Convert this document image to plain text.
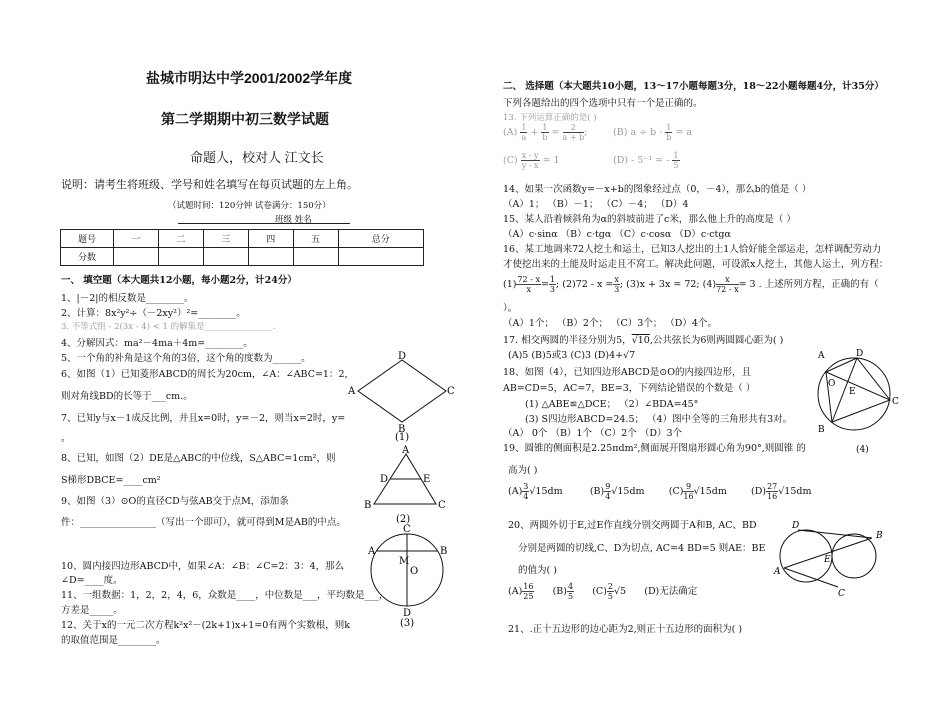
盐城市明达中学2001/2002学年度
第二学期期中初三数学试题
命题人，校对人 江文长
说明：请考生将班级、学号和姓名填写在每页试题的左上角。
（试题时间：120分钟 试卷满分：150分）
班级 姓名
题号	一	二	三	四	五	总分
分数						
一、 填空题（本大题共12小题，每小题2分，计24分）
1、|－2|的相反数是________。
2、计算：8x²y²÷（－2xy²）²=________。
3. 不等式组 - 2(3x - 4) < 1 的解集是________________.
4、分解因式：ma²－4ma＋4m=________。
5、一个角的补角是这个角的3倍，这个角的度数为______。
6、如图（1）已知菱形ABCD的周长为20cm，∠A：∠ABC=1：2，
则对角线BD的长等于___cm.。
7、已知y与x－1成反比例，并且x=0时，y=－2，则当x=2时，y=
。
8、已知，如图（2）DE是△ABC的中位线，S△ABC=1cm²，则
S梯形DBCE=____cm²
9、如图（3）⊙O的直径CD与弦AB交于点M，添加条
件：________________（写出一个即可），就可得到M是AB的中点。
10、圆内接四边形ABCD中，如果∠A：∠B：∠C=2：3：4，那么
∠D=____度。
11、一组数据：1，2，2，4，6，众数是____，中位数是___，平均数是___，
方差是_____。
12、关于x的一元二次方程k²x²－(2k+1)x+1=0有两个实数根，则k
的取值范围是________。
D
A	C
B
(1)
A
D	E
B	C
(2)
C
A
M
O
B
D
(3)
二、 选择题（本大题共10小题，13～17小题每题3分，18～22小题每题4分，计35分）
下列各题给出的四个选项中只有一个是正确的。
13. 下列运算正确的是( )
$(A) \frac{1}{a} + \frac{1}{b} = \frac{2}{a + b}$ ;	(B) $a \div b \cdot \frac{1}{b} = a$
$(C) \frac{x - y}{y - x} = 1$	(D) - 5⁻¹ = - $\frac{1}{5}$
14、如果一次函数y=－x+b的图象经过点（0，－4），那么b的值是（ ）
（A）1； （B）－1； （C）－4； （D）4
15、某人沿着倾斜角为α的斜坡前进了c米，那么他上升的高度是（ ）
（A）c·sinα （B）c·tgα （C）c·cosα （D）c·ctgα
16、某工地调来72人挖土和运土，已知3人挖出的土1人恰好能全部运走，怎样调配劳动力
才使挖出来的土能及时运走且不窝工。解决此问题，可设派x人挖土，其他人运土，列方程：
$(1) \frac{72 - x}{x} = \frac{1}{3}$ ; $(2)72 - x = \frac{x}{3}$ ; (3)x + 3x = 72; $(4) \frac{x}{72 - x} = 3$ . 上述所列方程，正确的有（
）。
（A）1个； （B）2个； （C）3个； （D）4个。
17. 相交两圆的半径分别为5，√10,公共弦长为6则两圆圆心距为( )
(A)5 (B)5或3 (C)3 (D)4+√7
18、如图（4），已知四边形ABCD是⊙O的内接四边形，且
AB=CD=5，AC=7，BE=3，下列结论错误的个数是（ ）
(1) △ABE≌△DCE； （2）∠BDA=45°
(3) S四边形ABCD=24.5； （4）图中全等的三角形共有3对。
（A） 0个 （B）1个 （C）2个 （D）3个
19、圆锥的侧面积是2.25πdm²,侧面展开图扇形圆心角为90°,则圆锥 的
高为( )
$(A) \frac{3}{4} √15dm$	$(B) \frac{9}{4} √15dm$	$(C) \frac{9}{16} √15dm$	$(D) \frac{27}{16} √15dm$
20、两圆外切于E,过E作直线分别交两圆于A和B, AC、BD
分别是两圆的切线,C、D为切点, AC=4 BD=5 则AE：BE
的值为( )
$(A) \frac{16}{25} (B) \frac{4}{5} (C) \frac{2}{5} √5$ (D)无法确定
21、.正十五边形的边心距为2,则正十五边形的面积为( )
A	D
O
E
B
C
(4)
D
B
E
A
C
